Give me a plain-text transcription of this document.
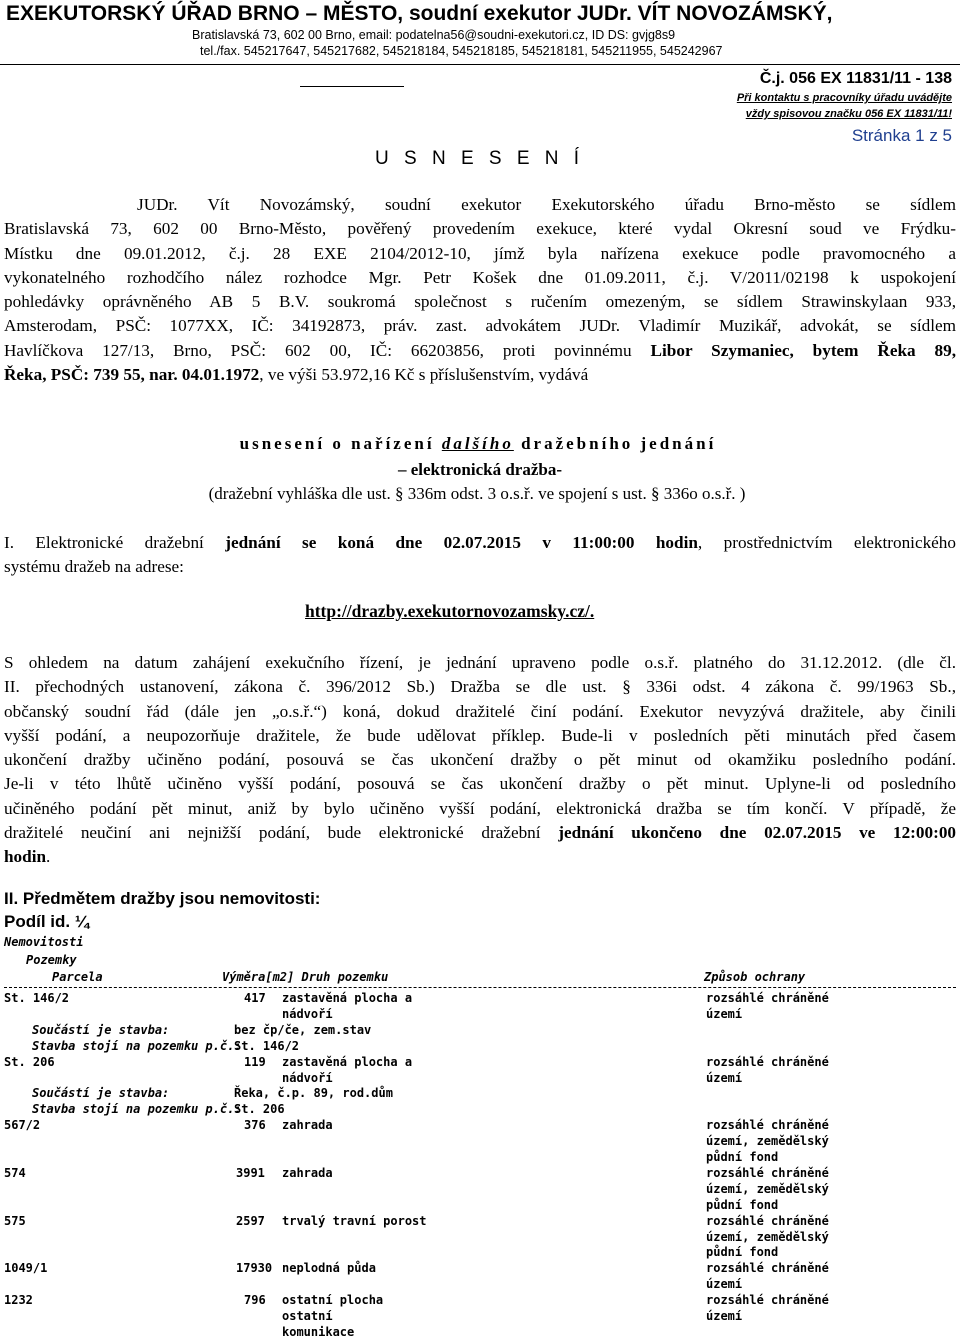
EXEKUTORSKÝ ÚŘAD BRNO – MĚSTO, soudní exekutor JUDr. VÍT NOVOZÁMSKÝ,
Bratislavská 73, 602 00 Brno, email: podatelna56@soudni-exekutori.cz, ID DS: gvjg8s9
tel./fax. 545217647, 545217682, 545218184, 545218185, 545218181, 545211955, 545242967
Č.j. 056 EX 11831/11 - 138
Při kontaktu s pracovníky úřadu uvádějte
vždy spisovou značku 056 EX 11831/11!
Stránka 1 z 5
U S N E S E N Í
JUDr. Vít Novozámský, soudní exekutor Exekutorského úřadu Brno-město se sídlem
Bratislavská 73, 602 00 Brno-Město, pověřený provedením exekuce, které vydal Okresní soud ve Frýdku-
Místku dne 09.01.2012, č.j. 28 EXE 2104/2012-10, jímž byla nařízena exekuce podle pravomocného a
vykonatelného rozhodčího nález rozhodce Mgr. Petr Košek dne 01.09.2011, č.j. V/2011/02198 k uspokojení
pohledávky oprávněného AB 5 B.V. soukromá společnost s ručením omezeným, se sídlem Strawinskylaan 933,
Amsterodam, PSČ: 1077XX, IČ: 34192873, práv. zast. advokátem JUDr. Vladimír Muzikář, advokát, se sídlem
Havlíčkova 127/13, Brno, PSČ: 602 00, IČ: 66203856, proti povinnému Libor Szymaniec, bytem Řeka 89,
Řeka, PSČ: 739 55, nar. 04.01.1972, ve výši 53.972,16 Kč s příslušenstvím, vydává
usnesení o nařízení dalšího dražebního jednání
– elektronická dražba-
(dražební vyhláška dle ust. § 336m odst. 3 o.s.ř. ve spojení s ust. § 336o o.s.ř. )
I. Elektronické dražební jednání se koná dne 02.07.2015 v 11:00:00 hodin, prostřednictvím elektronického
systému dražeb na adrese:
http://drazby.exekutornovozamsky.cz/.
S ohledem na datum zahájení exekučního řízení, je jednání upraveno podle o.s.ř. platného do 31.12.2012. (dle čl.
II. přechodných ustanovení, zákona č. 396/2012 Sb.) Dražba se dle ust. § 336i odst. 4 zákona č. 99/1963 Sb.,
občanský soudní řád (dále jen „o.s.ř.“) koná, dokud dražitelé činí podání. Exekutor nevyzývá dražitele, aby činili
vyšší podání, a neupozorňuje dražitele, že bude udělovat příklep. Bude-li v posledních pěti minutách před časem
ukončení dražby učiněno podání, posouvá se čas ukončení dražby o pět minut od okamžiku posledního podání.
Je-li v této lhůtě učiněno vyšší podání, posouvá se čas ukončení dražby o pět minut. Uplyne-li od posledního
učiněného podání pět minut, aniž by bylo učiněno vyšší podání, elektronická dražba se tím končí. V případě, že
dražitelé neučiní ani nejnižší podání, bude elektronické dražební jednání ukončeno dne 02.07.2015 ve 12:00:00
hodin.
II. Předmětem dražby jsou nemovitosti:
Podíl id. ¼
Nemovitosti
Pozemky
Parcela	Výměra[m2] Druh pozemku	Způsob ochrany
St. 146/2	417 zastavěná plocha a	rozsáhlé chráněné
nádvoří	území
Součástí je stavba:	bez čp/če, zem.stav
Stavba stojí na pozemku p.č.:
St. 146/2
St. 206	119 zastavěná plocha a	rozsáhlé chráněné
nádvoří	území
Součástí je stavba:	Řeka, č.p. 89, rod.dům
Stavba stojí na pozemku p.č.:
St. 206
567/2	376 zahrada	rozsáhlé chráněné
území, zemědělský
půdní fond
574	3991 zahrada	rozsáhlé chráněné
území, zemědělský
půdní fond
575	2597 trvalý travní porost	rozsáhlé chráněné
území, zemědělský
půdní fond
1049/1	17930 neplodná půda	rozsáhlé chráněné
území
1232	796 ostatní plocha	rozsáhlé chráněné
ostatní	území
komunikace
